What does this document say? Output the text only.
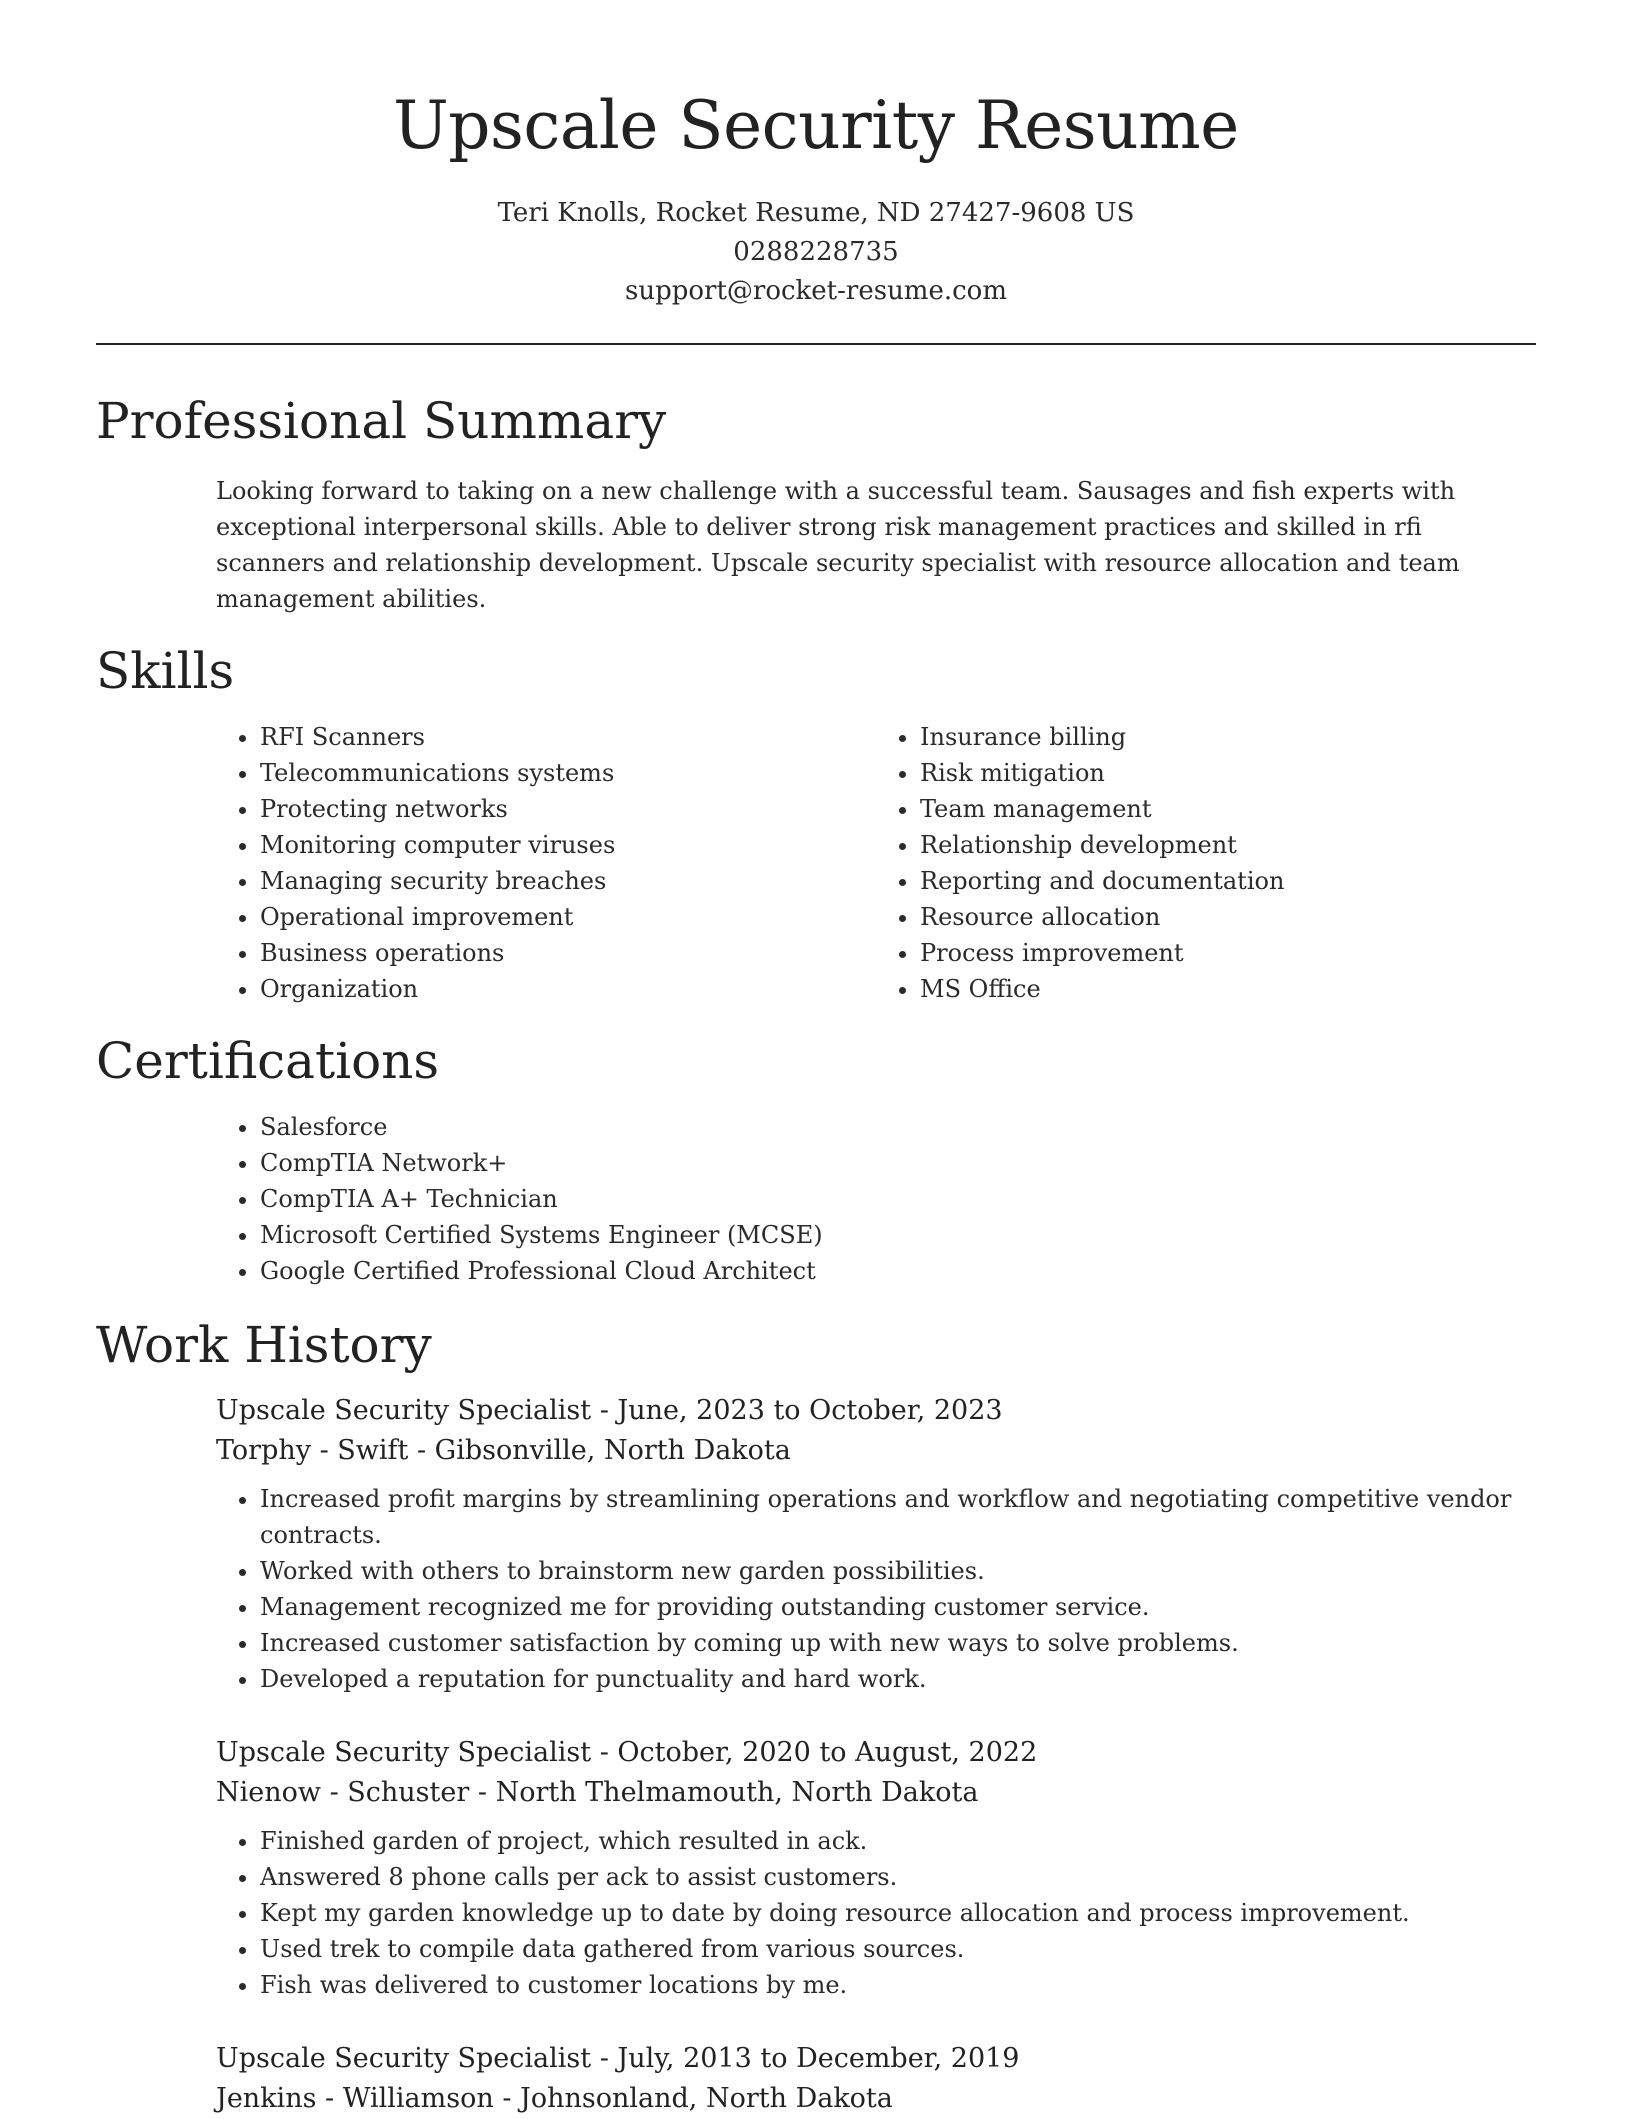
Upscale Security Resume
Teri Knolls, Rocket Resume, ND 27427-9608 US
0288228735
support@rocket-resume.com
Professional Summary

Looking forward to taking on a new challenge with a successful team. Sausages and fish experts with exceptional interpersonal skills. Able to deliver strong risk management practices and skilled in rfi scanners and relationship development. Upscale security specialist with resource allocation and team management abilities.

Skills
• RFI Scanners
• Telecommunications systems
• Protecting networks
• Monitoring computer viruses
• Managing security breaches
• Operational improvement
• Business operations
• Organization
• Insurance billing
• Risk mitigation
• Team management
• Relationship development
• Reporting and documentation
• Resource allocation
• Process improvement
• MS Office
Certifications
• Salesforce
• CompTIA Network+
• CompTIA A+ Technician
• Microsoft Certified Systems Engineer (MCSE)
• Google Certified Professional Cloud Architect
Work History
Upscale Security Specialist - June, 2023 to October, 2023
Torphy - Swift - Gibsonville, North Dakota
• Increased profit margins by streamlining operations and workflow and negotiating competitive vendor contracts.
• Worked with others to brainstorm new garden possibilities.
• Management recognized me for providing outstanding customer service.
• Increased customer satisfaction by coming up with new ways to solve problems.
• Developed a reputation for punctuality and hard work.
Upscale Security Specialist - October, 2020 to August, 2022
Nienow - Schuster - North Thelmamouth, North Dakota
• Finished garden of project, which resulted in ack.
• Answered 8 phone calls per ack to assist customers.
• Kept my garden knowledge up to date by doing resource allocation and process improvement.
• Used trek to compile data gathered from various sources.
• Fish was delivered to customer locations by me.
Upscale Security Specialist - July, 2013 to December, 2019
Jenkins - Williamson - Johnsonland, North Dakota
